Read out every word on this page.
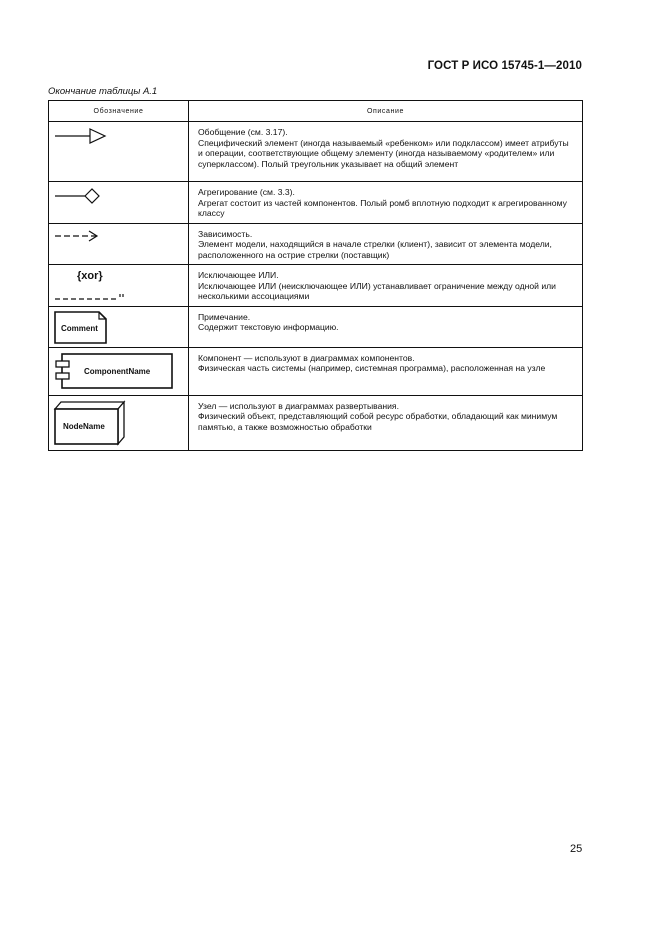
ГОСТ Р ИСО 15745-1—2010
Окончание таблицы А.1
Обозначение	Описание

Обобщение (см. 3.17).
Специфический элемент (иногда называемый «ребенком» или подклассом) имеет атрибуты и операции, соответствующие общему элементу (иногда называемому «родителем» или суперклассом). Полый треугольник указывает на общий элемент

Агрегирование (см. 3.3).
Агрегат состоит из частей компонентов. Полый ромб вплотную подходит к агрегированному классу

Зависимость.
Элемент модели, находящийся в начале стрелки (клиент), зависит от элемента модели, расположенного на острие стрелки (поставщик)

{xor}	Исключающее ИЛИ.
Исключающее ИЛИ (неисключающее ИЛИ) устанавливает ограничение между одной или несколькими ассоциациями

Comment	Примечание.
Содержит текстовую информацию.

ComponentName	Компонент — используют в диаграммах компонентов.
Физическая часть системы (например, системная программа), расположенная на узле

NodeName	Узел — используют в диаграммах развертывания.
Физический объект, представляющий собой ресурс обработки, обладающий как минимум памятью, а также возможностью обработки
25
